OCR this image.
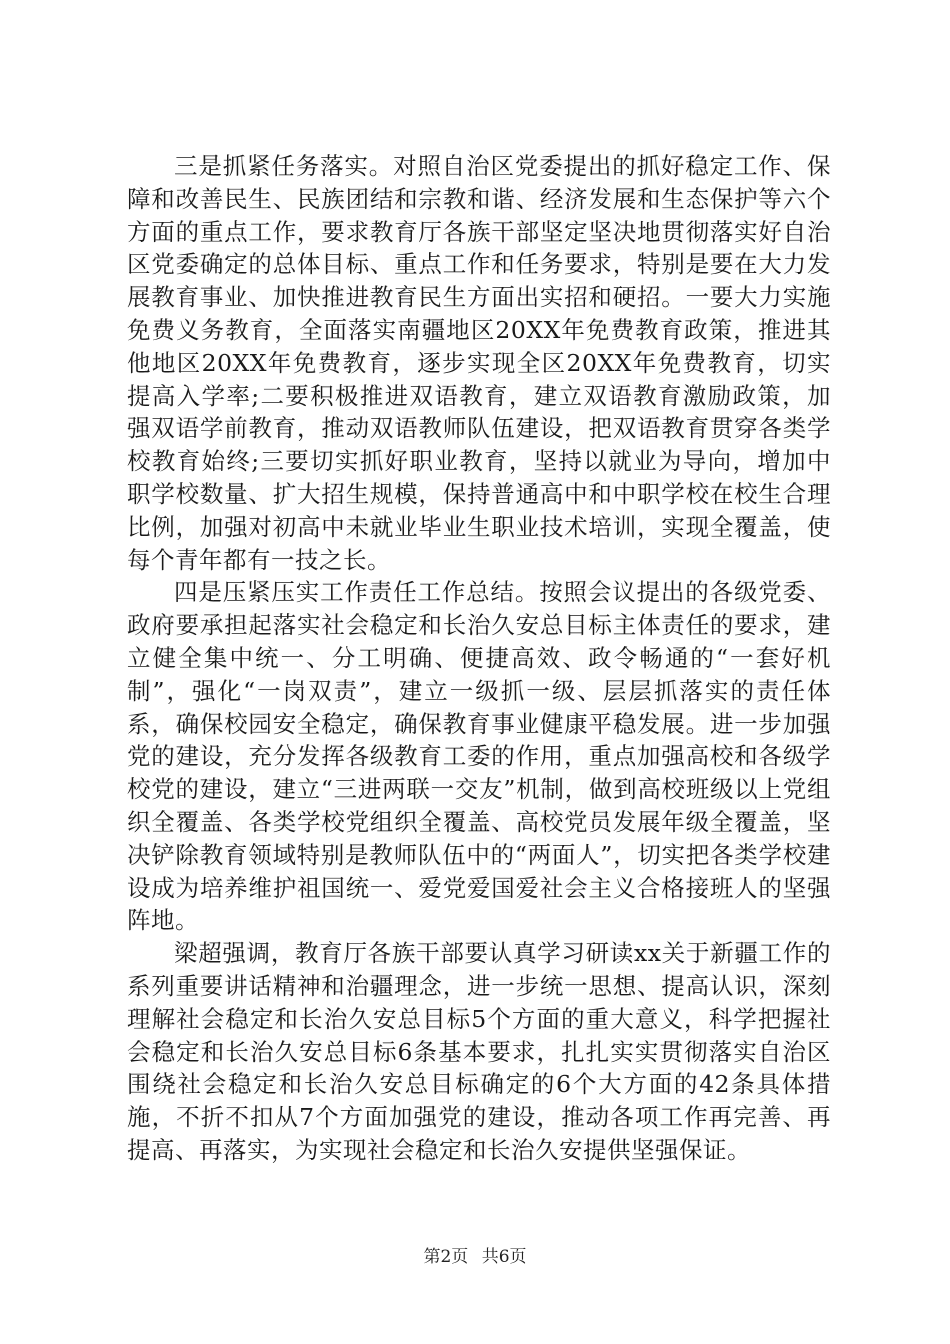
三是抓紧任务落实。对照自治区党委提出的抓好稳定工作、保障和改善民生、民族团结和宗教和谐、经济发展和生态保护等六个方面的重点工作，要求教育厅各族干部坚定坚决地贯彻落实好自治区党委确定的总体目标、重点工作和任务要求，特别是要在大力发展教育事业、加快推进教育民生方面出实招和硬招。一要大力实施免费义务教育，全面落实南疆地区20XX年免费教育政策，推进其他地区20XX年免费教育，逐步实现全区20XX年免费教育，切实提高入学率;二要积极推进双语教育，建立双语教育激励政策，加强双语学前教育，推动双语教师队伍建设，把双语教育贯穿各类学校教育始终;三要切实抓好职业教育，坚持以就业为导向，增加中职学校数量、扩大招生规模，保持普通高中和中职学校在校生合理比例，加强对初高中未就业毕业生职业技术培训，实现全覆盖，使每个青年都有一技之长。

四是压紧压实工作责任工作总结。按照会议提出的各级党委、政府要承担起落实社会稳定和长治久安总目标主体责任的要求，建立健全集中统一、分工明确、便捷高效、政令畅通的“一套好机制”，强化“一岗双责”，建立一级抓一级、层层抓落实的责任体系，确保校园安全稳定，确保教育事业健康平稳发展。进一步加强党的建设，充分发挥各级教育工委的作用，重点加强高校和各级学校党的建设，建立“三进两联一交友”机制，做到高校班级以上党组织全覆盖、各类学校党组织全覆盖、高校党员发展年级全覆盖，坚决铲除教育领域特别是教师队伍中的“两面人”，切实把各类学校建设成为培养维护祖国统一、爱党爱国爱社会主义合格接班人的坚强阵地。

梁超强调，教育厅各族干部要认真学习研读xx关于新疆工作的系列重要讲话精神和治疆理念，进一步统一思想、提高认识，深刻理解社会稳定和长治久安总目标5个方面的重大意义，科学把握社会稳定和长治久安总目标6条基本要求，扎扎实实贯彻落实自治区围绕社会稳定和长治久安总目标确定的6个大方面的42条具体措施，不折不扣从7个方面加强党的建设，推动各项工作再完善、再提高、再落实，为实现社会稳定和长治久安提供坚强保证。

第2页 共6页
